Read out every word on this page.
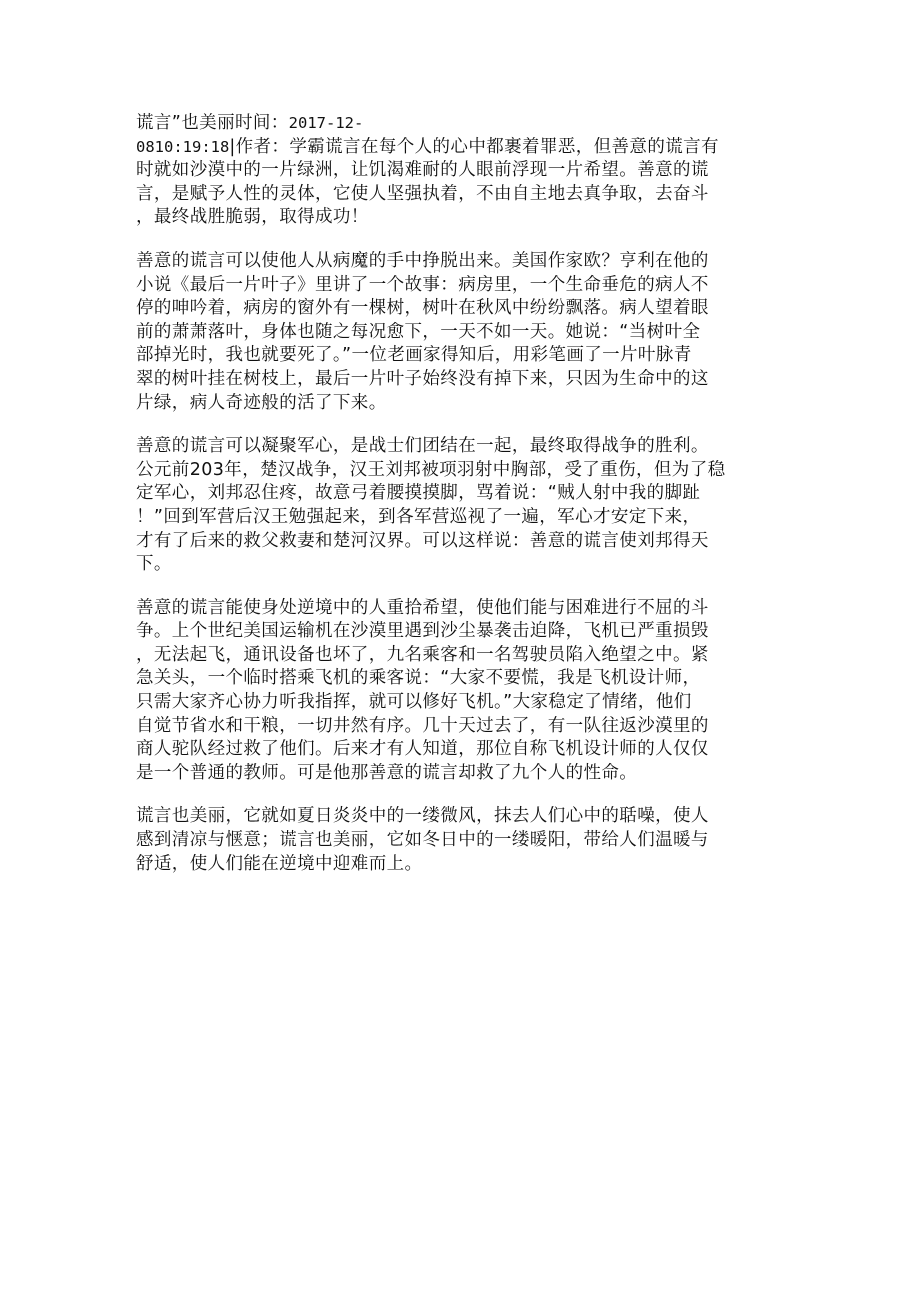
谎言”也美丽时间：2017-12-
0810:19:18|作者：学霸谎言在每个人的心中都裹着罪恶，但善意的谎言有
时就如沙漠中的一片绿洲，让饥渴难耐的人眼前浮现一片希望。善意的谎
言，是赋予人性的灵体，它使人坚强执着，不由自主地去真争取，去奋斗
，最终战胜脆弱，取得成功！
善意的谎言可以使他人从病魔的手中挣脱出来。美国作家欧？亨利在他的
小说《最后一片叶子》里讲了一个故事：病房里，一个生命垂危的病人不
停的呻吟着，病房的窗外有一棵树，树叶在秋风中纷纷飘落。病人望着眼
前的萧萧落叶，身体也随之每况愈下，一天不如一天。她说：“当树叶全
部掉光时，我也就要死了。”一位老画家得知后，用彩笔画了一片叶脉青
翠的树叶挂在树枝上，最后一片叶子始终没有掉下来，只因为生命中的这
片绿，病人奇迹般的活了下来。
善意的谎言可以凝聚军心，是战士们团结在一起，最终取得战争的胜利。
公元前203年，楚汉战争，汉王刘邦被项羽射中胸部，受了重伤，但为了稳
定军心，刘邦忍住疼，故意弓着腰摸摸脚，骂着说：“贼人射中我的脚趾
！”回到军营后汉王勉强起来，到各军营巡视了一遍，军心才安定下来，
才有了后来的救父救妻和楚河汉界。可以这样说：善意的谎言使刘邦得天
下。
善意的谎言能使身处逆境中的人重拾希望，使他们能与困难进行不屈的斗
争。上个世纪美国运输机在沙漠里遇到沙尘暴袭击迫降，飞机已严重损毁
，无法起飞，通讯设备也坏了，九名乘客和一名驾驶员陷入绝望之中。紧
急关头，一个临时搭乘飞机的乘客说：“大家不要慌，我是飞机设计师，
只需大家齐心协力听我指挥，就可以修好飞机。”大家稳定了情绪，他们
自觉节省水和干粮，一切井然有序。几十天过去了，有一队往返沙漠里的
商人驼队经过救了他们。后来才有人知道，那位自称飞机设计师的人仅仅
是一个普通的教师。可是他那善意的谎言却救了九个人的性命。
谎言也美丽，它就如夏日炎炎中的一缕微风，抹去人们心中的聒噪，使人
感到清凉与惬意；谎言也美丽，它如冬日中的一缕暖阳，带给人们温暖与
舒适，使人们能在逆境中迎难而上。
